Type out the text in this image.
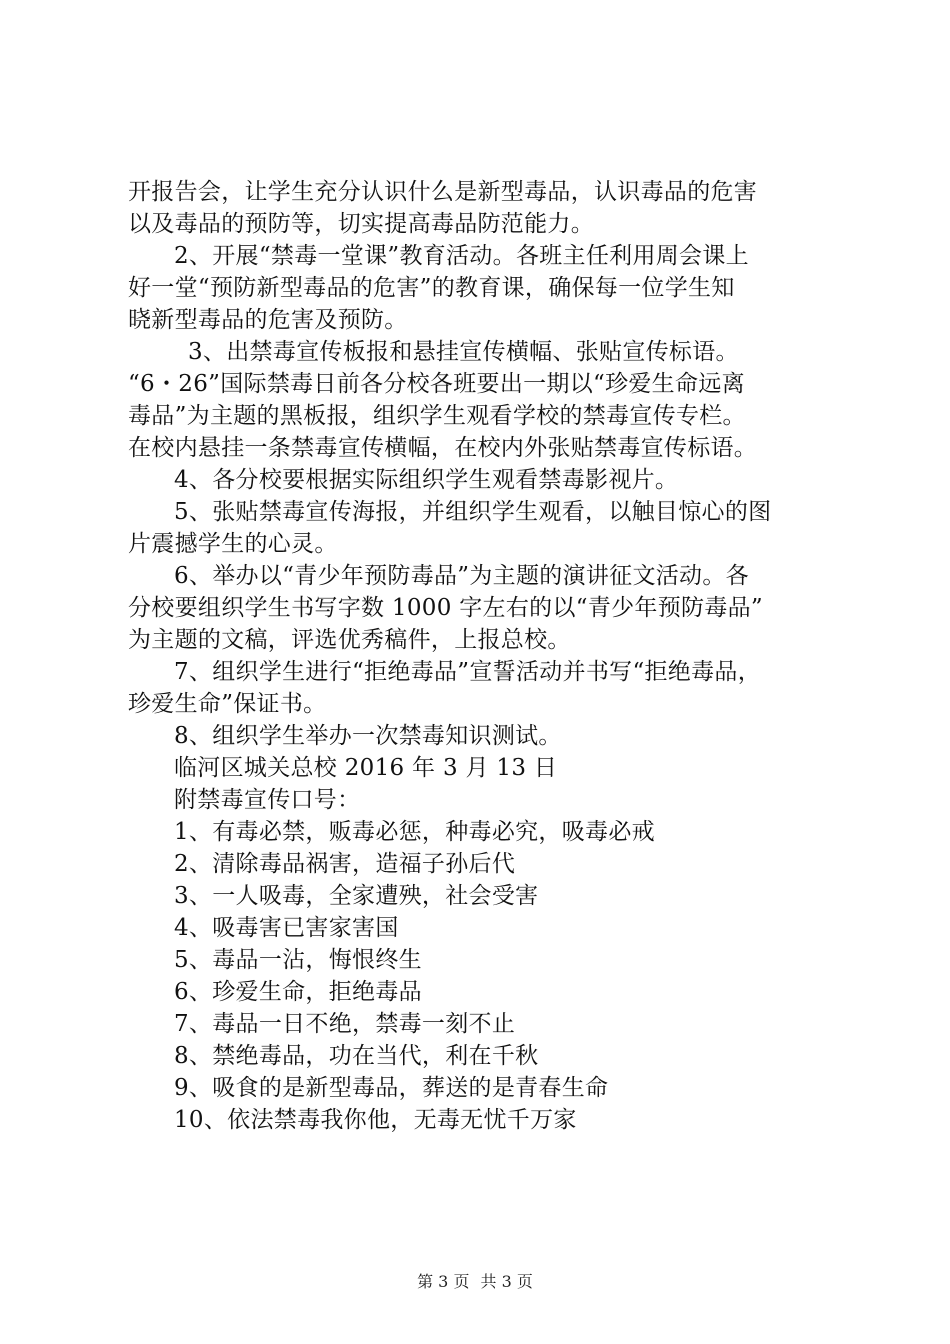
开报告会，让学生充分认识什么是新型毒品，认识毒品的危害

以及毒品的预防等，切实提高毒品防范能力。

2、开展“禁毒一堂课”教育活动。各班主任利用周会课上

好一堂“预防新型毒品的危害”的教育课，确保每一位学生知

晓新型毒品的危害及预防。

3、出禁毒宣传板报和悬挂宣传横幅、张贴宣传标语。

“6・26”国际禁毒日前各分校各班要出一期以“珍爱生命远离

毒品”为主题的黑板报，组织学生观看学校的禁毒宣传专栏。

在校内悬挂一条禁毒宣传横幅，在校内外张贴禁毒宣传标语。

4、各分校要根据实际组织学生观看禁毒影视片。

5、张贴禁毒宣传海报，并组织学生观看，以触目惊心的图

片震撼学生的心灵。

6、举办以“青少年预防毒品”为主题的演讲征文活动。各

分校要组织学生书写字数 1000 字左右的以“青少年预防毒品”

为主题的文稿，评选优秀稿件，上报总校。

7、组织学生进行“拒绝毒品”宣誓活动并书写“拒绝毒品，

珍爱生命”保证书。

8、组织学生举办一次禁毒知识测试。

临河区城关总校 2016 年 3 月 13 日

附禁毒宣传口号：

1、有毒必禁，贩毒必惩，种毒必究，吸毒必戒

2、清除毒品祸害，造福子孙后代

3、一人吸毒，全家遭殃，社会受害

4、吸毒害已害家害国

5、毒品一沾，悔恨终生

6、珍爱生命，拒绝毒品

7、毒品一日不绝，禁毒一刻不止

8、禁绝毒品，功在当代，利在千秋

9、吸食的是新型毒品，葬送的是青春生命

10、依法禁毒我你他，无毒无忧千万家

第 3 页 共 3 页
